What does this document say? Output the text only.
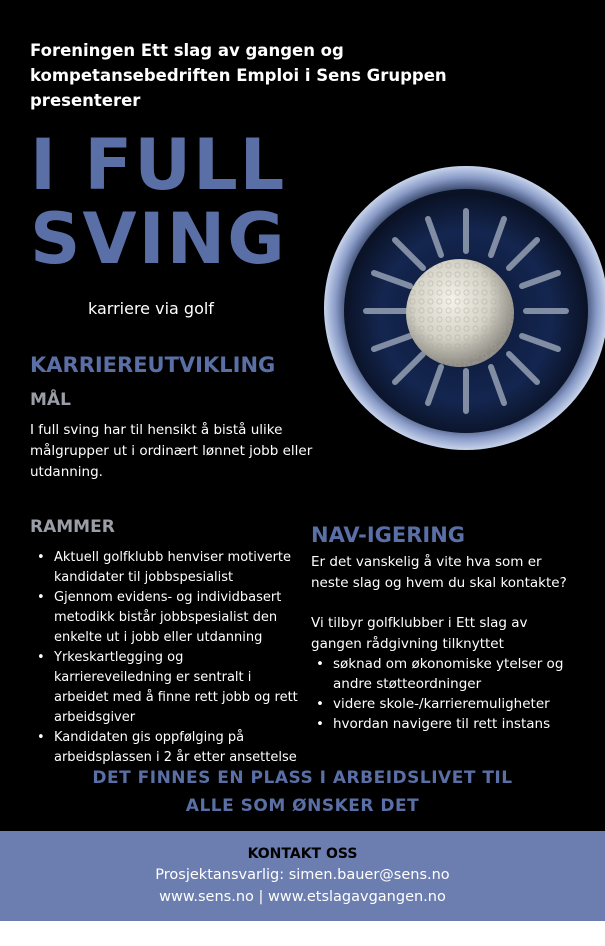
Foreningen Ett slag av gangen og
kompetansebedriften Emploi i Sens Gruppen
presenterer
I FULL
SVING
karriere via golf
KARRIEREUTVIKLING
MÅL
I full sving har til hensikt å bistå ulike
målgrupper ut i ordinært lønnet jobb eller
utdanning.
RAMMER
• Aktuell golfklubb henviser motiverte kandidater til jobbspesialist
• Gjennom evidens- og individbasert metodikk bistår jobbspesialist den enkelte ut i jobb eller utdanning
• Yrkeskartlegging og karriereveiledning er sentralt i arbeidet med å finne rett jobb og rett arbeidsgiver
• Kandidaten gis oppfølging på arbeidsplassen i 2 år etter ansettelse
NAV-IGERING
Er det vanskelig å vite hva som er neste slag og hvem du skal kontakte?
Vi tilbyr golfklubber i Ett slag av gangen rådgivning tilknyttet
• søknad om økonomiske ytelser og andre støtteordninger
• videre skole-/karrieremuligheter
• hvordan navigere til rett instans
DET FINNES EN PLASS I ARBEIDSLIVET TIL
ALLE SOM ØNSKER DET
KONTAKT OSS
Prosjektansvarlig: simen.bauer@sens.no
www.sens.no | www.etslagavgangen.no
